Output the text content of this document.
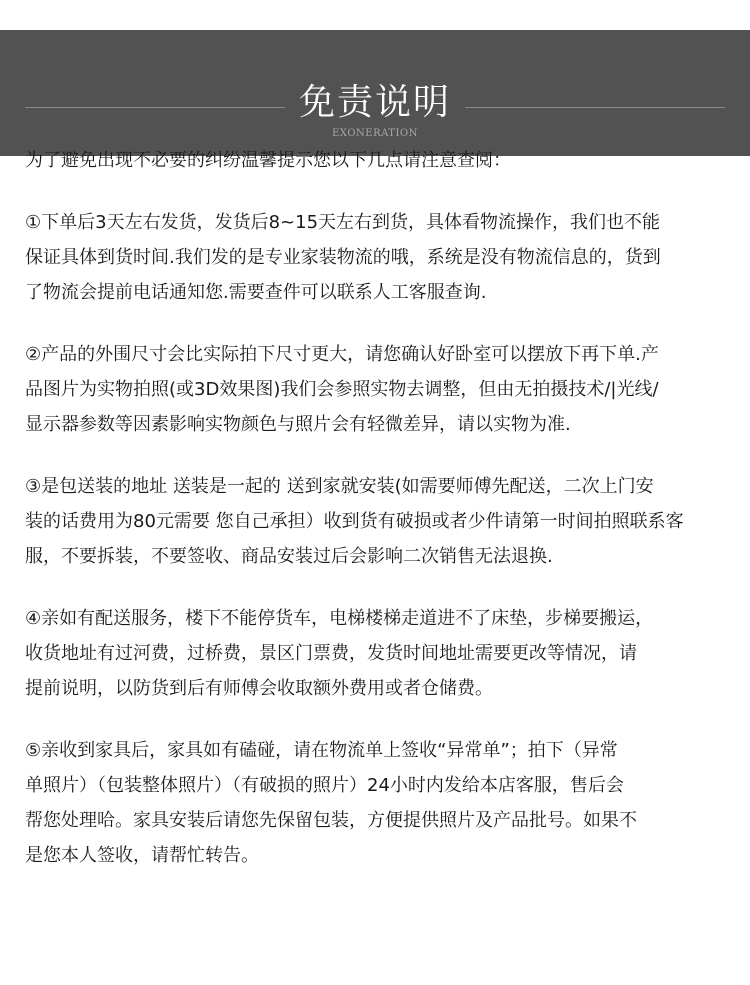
免责说明
EXONERATION

为了避免出现不必要的纠纷温馨提示您以下几点请注意查阅：

①下单后3天左右发货，发货后8~15天左右到货，具体看物流操作，我们也不能
保证具体到货时间.我们发的是专业家装物流的哦，系统是没有物流信息的，货到
了物流会提前电话通知您.需要查件可以联系人工客服查询.
②产品的外围尺寸会比实际拍下尺寸更大，请您确认好卧室可以摆放下再下单.产
品图片为实物拍照(或3D效果图)我们会参照实物去调整，但由无拍摄技术/|光线/
显示器参数等因素影响实物颜色与照片会有轻微差异，请以实物为准.
③是包送装的地址 送装是一起的 送到家就安装(如需要师傅先配送，二次上门安
装的话费用为80元需要 您自己承担）收到货有破损或者少件请第一时间拍照联系客
服，不要拆装，不要签收、商品安装过后会影响二次销售无法退换.
④亲如有配送服务，楼下不能停货车，电梯楼梯走道进不了床垫，步梯要搬运，
收货地址有过河费，过桥费，景区门票费，发货时间地址需要更改等情况，请
提前说明，以防货到后有师傅会收取额外费用或者仓储费。
⑤亲收到家具后，家具如有磕碰，请在物流单上签收“异常单”；拍下（异常
单照片）（包装整体照片）（有破损的照片）24小时内发给本店客服，售后会
帮您处理哈。家具安装后请您先保留包装，方便提供照片及产品批号。如果不
是您本人签收，请帮忙转告。
